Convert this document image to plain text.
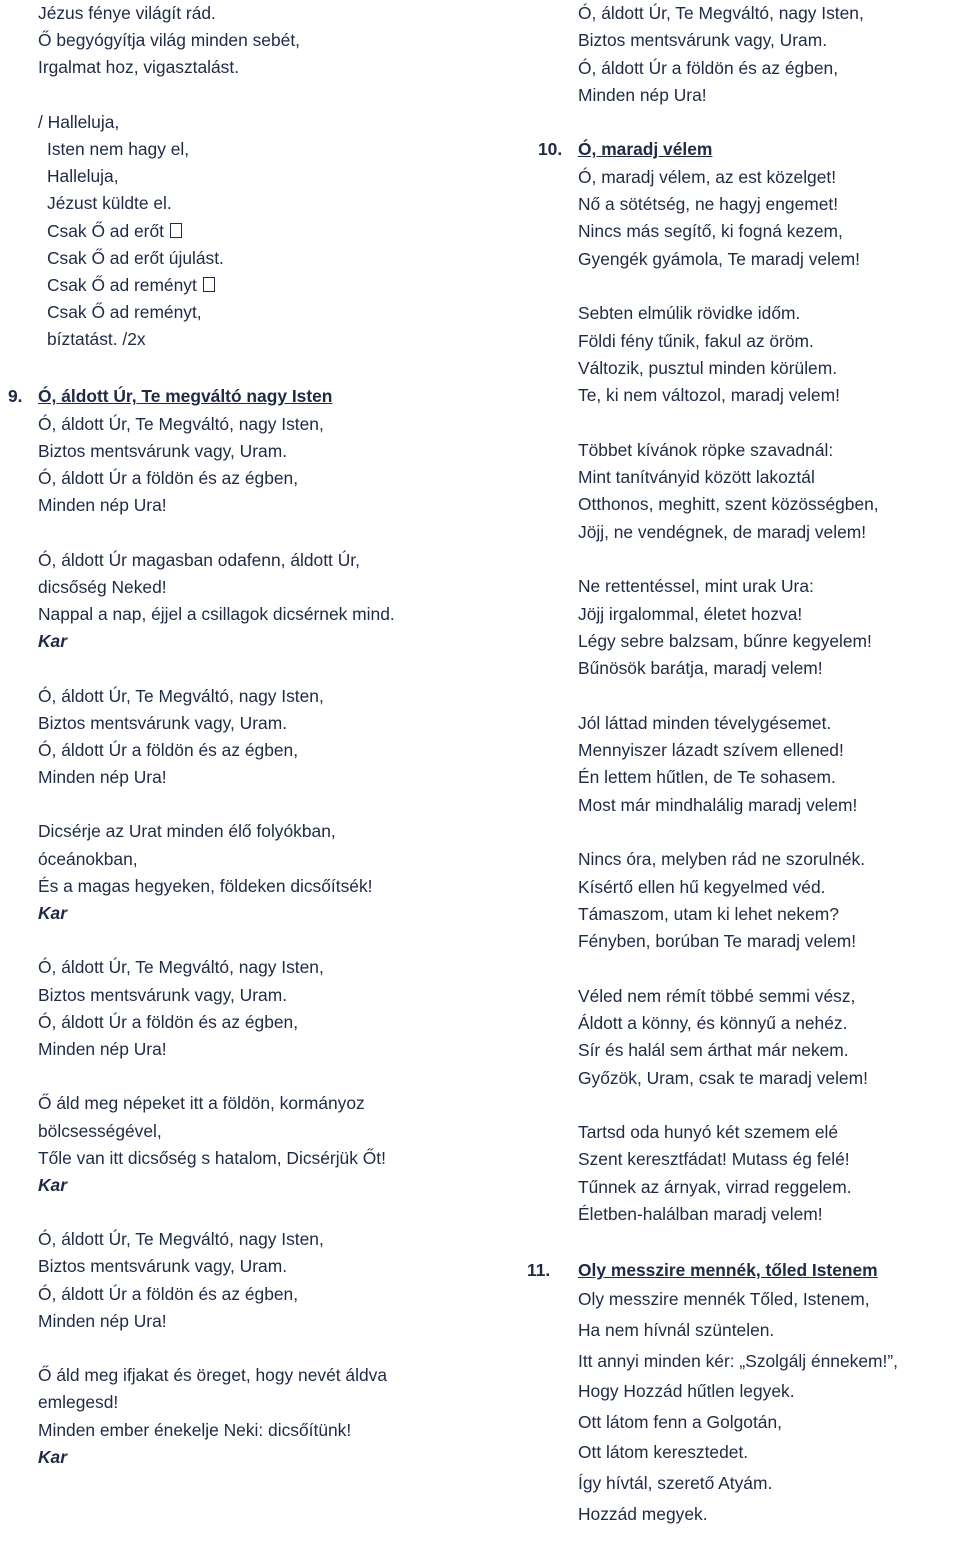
Jézus fénye világít rád.
Ő begyógyítja világ minden sebét,
Irgalmat hoz, vigasztalást.
/ Halleluja,
Isten nem hagy el,
Halleluja,
Jézust küldte el.
Csak Ő ad erőt
Csak Ő ad erőt újulást.
Csak Ő ad reményt
Csak Ő ad reményt,
bíztatást. /2x
9. Ó, áldott Úr, Te megváltó nagy Isten
Ó, áldott Úr, Te Megváltó, nagy Isten,
Biztos mentsvárunk vagy, Uram.
Ó, áldott Úr a földön és az égben,
Minden nép Ura!
Ó, áldott Úr magasban odafenn, áldott Úr,
dicsőség Neked!
Nappal a nap, éjjel a csillagok dicsérnek mind.
Kar
Ó, áldott Úr, Te Megváltó, nagy Isten,
Biztos mentsvárunk vagy, Uram.
Ó, áldott Úr a földön és az égben,
Minden nép Ura!
Dicsérje az Urat minden élő folyókban,
óceánokban,
És a magas hegyeken, földeken dicsőítsék!
Kar
Ó, áldott Úr, Te Megváltó, nagy Isten,
Biztos mentsvárunk vagy, Uram.
Ó, áldott Úr a földön és az égben,
Minden nép Ura!
Ő áld meg népeket itt a földön, kormányoz
bölcsességével,
Tőle van itt dicsőség s hatalom, Dicsérjük Őt!
Kar
Ó, áldott Úr, Te Megváltó, nagy Isten,
Biztos mentsvárunk vagy, Uram.
Ó, áldott Úr a földön és az égben,
Minden nép Ura!
Ő áld meg ifjakat és öreget, hogy nevét áldva
emlegesd!
Minden ember énekelje Neki: dicsőítünk!
Kar
Ó, áldott Úr, Te Megváltó, nagy Isten,
Biztos mentsvárunk vagy, Uram.
Ó, áldott Úr a földön és az égben,
Minden nép Ura!
10. Ó, maradj vélem
Ó, maradj vélem, az est közelget!
Nő a sötétség, ne hagyj engemet!
Nincs más segítő, ki fogná kezem,
Gyengék gyámola, Te maradj velem!
Sebten elmúlik rövidke időm.
Földi fény tűnik, fakul az öröm.
Változik, pusztul minden körülem.
Te, ki nem változol, maradj velem!
Többet kívánok röpke szavadnál:
Mint tanítványid között lakoztál
Otthonos, meghitt, szent közösségben,
Jöjj, ne vendégnek, de maradj velem!
Ne rettentéssel, mint urak Ura:
Jöjj irgalommal, életet hozva!
Légy sebre balzsam, bűnre kegyelem!
Bűnösök barátja, maradj velem!
Jól láttad minden tévelygésemet.
Mennyiszer lázadt szívem ellened!
Én lettem hűtlen, de Te sohasem.
Most már mindhalálig maradj velem!
Nincs óra, melyben rád ne szorulnék.
Kísértő ellen hű kegyelmed véd.
Támaszom, utam ki lehet nekem?
Fényben, borúban Te maradj velem!
Véled nem rémít többé semmi vész,
Áldott a könny, és könnyű a nehéz.
Sír és halál sem árthat már nekem.
Győzök, Uram, csak te maradj velem!
Tartsd oda hunyó két szemem elé
Szent keresztfádat! Mutass ég felé!
Tűnnek az árnyak, virrad reggelem.
Életben-halálban maradj velem!
11. Oly messzire mennék, tőled Istenem
Oly messzire mennék Tőled, Istenem,
Ha nem hívnál szüntelen.
Itt annyi minden kér: „Szolgálj énnekem!”,
Hogy Hozzád hűtlen legyek.
Ott látom fenn a Golgotán,
Ott látom keresztedet.
Így hívtál, szerető Atyám.
Hozzád megyek.
